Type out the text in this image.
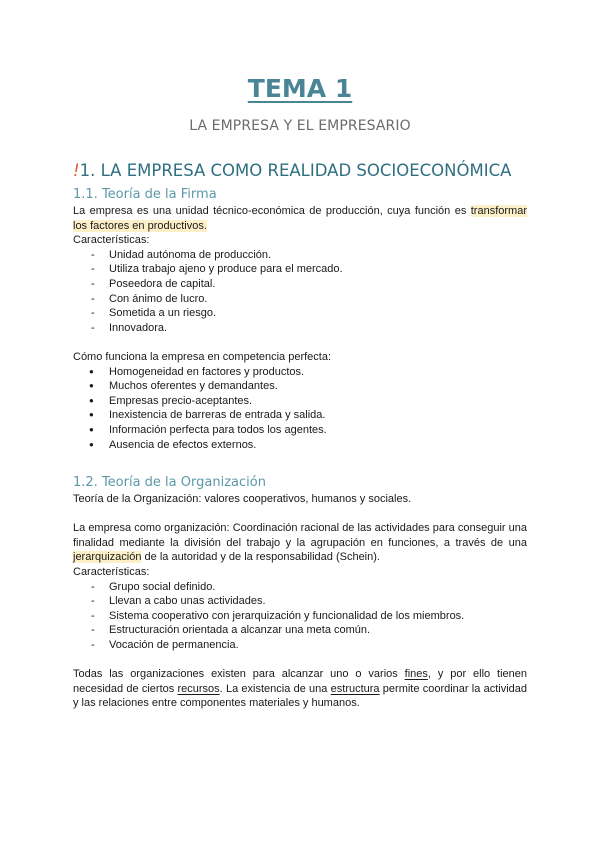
TEMA 1
LA EMPRESA Y EL EMPRESARIO
!1. LA EMPRESA COMO REALIDAD SOCIOECONÓMICA
1.1. Teoría de la Firma

La empresa es una unidad técnico-económica de producción, cuya función es transformar los factores en productivos.

Características:

- Unidad autónoma de producción.
- Utiliza trabajo ajeno y produce para el mercado.
- Poseedora de capital.
- Con ánimo de lucro.
- Sometida a un riesgo.
- Innovadora.

Cómo funciona la empresa en competencia perfecta:

● Homogeneidad en factores y productos.
● Muchos oferentes y demandantes.
● Empresas precio-aceptantes.
● Inexistencia de barreras de entrada y salida.
● Información perfecta para todos los agentes.
● Ausencia de efectos externos.
1.2. Teoría de la Organización

Teoría de la Organización: valores cooperativos, humanos y sociales.

La empresa como organización: Coordinación racional de las actividades para conseguir una finalidad mediante la división del trabajo y la agrupación en funciones, a través de una jerarquización de la autoridad y de la responsabilidad (Schein).

Características:

- Grupo social definido.
- Llevan a cabo unas actividades.
- Sistema cooperativo con jerarquización y funcionalidad de los miembros.
- Estructuración orientada a alcanzar una meta común.
- Vocación de permanencia.

Todas las organizaciones existen para alcanzar uno o varios fines, y por ello tienen necesidad de ciertos recursos. La existencia de una estructura permite coordinar la actividad y las relaciones entre componentes materiales y humanos.
